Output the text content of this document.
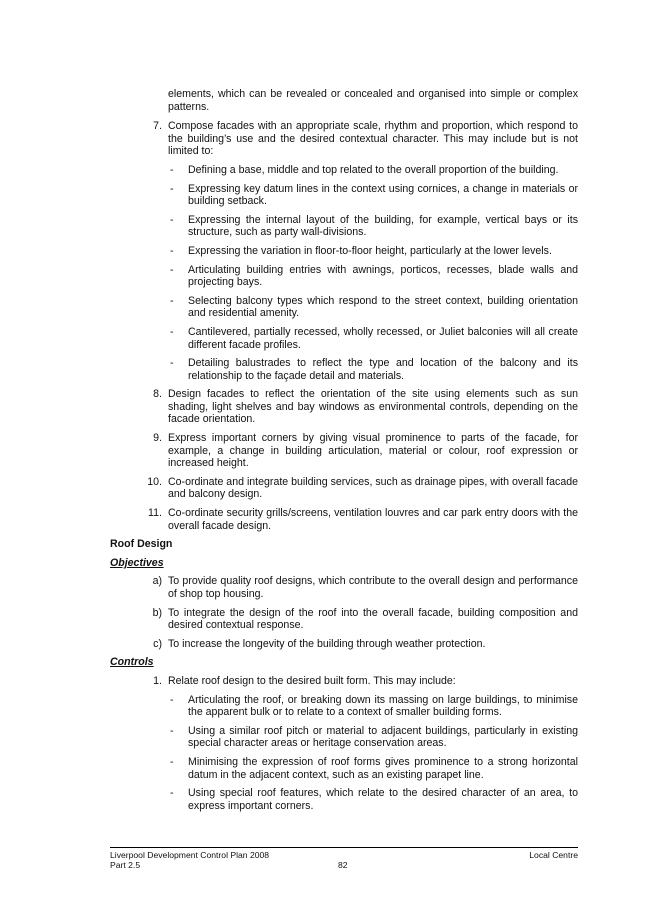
elements, which can be revealed or concealed and organised into simple or complex patterns.

7. Compose facades with an appropriate scale, rhythm and proportion, which respond to the building’s use and the desired contextual character. This may include but is not limited to:
-	Defining a base, middle and top related to the overall proportion of the building.
-	Expressing key datum lines in the context using cornices, a change in materials or building setback.
-	Expressing the internal layout of the building, for example, vertical bays or its structure, such as party wall-divisions.
-	Expressing the variation in floor-to-floor height, particularly at the lower levels.
-	Articulating building entries with awnings, porticos, recesses, blade walls and projecting bays.
-	Selecting balcony types which respond to the street context, building orientation and residential amenity.
-	Cantilevered, partially recessed, wholly recessed, or Juliet balconies will all create different facade profiles.
-	Detailing balustrades to reflect the type and location of the balcony and its relationship to the façade detail and materials.
8. Design facades to reflect the orientation of the site using elements such as sun shading, light shelves and bay windows as environmental controls, depending on the facade orientation.
9. Express important corners by giving visual prominence to parts of the facade, for example, a change in building articulation, material or colour, roof expression or increased height.
10. Co-ordinate and integrate building services, such as drainage pipes, with overall facade and balcony design.
11. Co-ordinate security grills/screens, ventilation louvres and car park entry doors with the overall facade design.

Roof Design

Objectives

a) To provide quality roof designs, which contribute to the overall design and performance of shop top housing.
b) To integrate the design of the roof into the overall facade, building composition and desired contextual response.
c) To increase the longevity of the building through weather protection.

Controls

1. Relate roof design to the desired built form. This may include:
-	Articulating the roof, or breaking down its massing on large buildings, to minimise the apparent bulk or to relate to a context of smaller building forms.
-	Using a similar roof pitch or material to adjacent buildings, particularly in existing special character areas or heritage conservation areas.
-	Minimising the expression of roof forms gives prominence to a strong horizontal datum in the adjacent context, such as an existing parapet line.
-	Using special roof features, which relate to the desired character of an area, to express important corners.
Liverpool Development Control Plan 2008	Local Centre
Part 2.5	82
